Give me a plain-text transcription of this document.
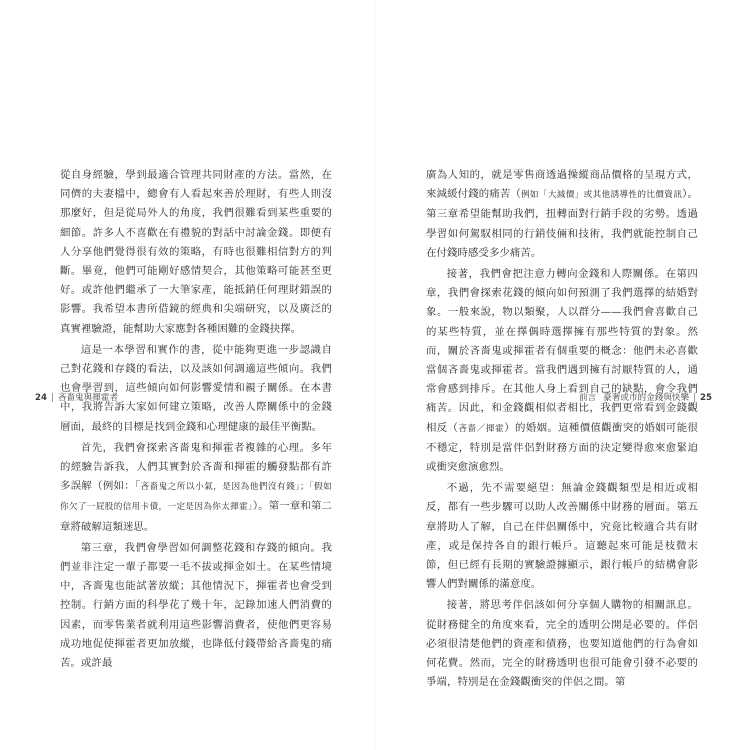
從自身經驗，學到最適合管理共同財產的方法。當然，在同儕的夫妻檔中，總會有人看起來善於理財，有些人則沒那麼好，但是從局外人的角度，我們很難看到某些重要的細節。許多人不喜歡在有禮貌的對話中討論金錢。即便有人分享他們覺得很有效的策略，有時也很難相信對方的判斷。畢竟，他們可能剛好感情契合，其他策略可能甚至更好。或許他們繼承了一大筆家產，能抵銷任何理財錯誤的影響。我希望本書所借鏡的經典和尖端研究，以及廣泛的真實裡驗證，能幫助大家應對各種困難的金錢抉擇。

這是一本學習和實作的書，從中能夠更進一步認識自己對花錢和存錢的看法，以及該如何調適這些傾向。我們也會學習到，這些傾向如何影響愛情和親子關係。在本書中，我將告訴大家如何建立策略，改善人際關係中的金錢層面，最終的目標是找到金錢和心理健康的最佳平衡點。

首先，我們會探索吝嗇鬼和揮霍者複雜的心理。多年的經驗告訴我，人們其實對於吝嗇和揮霍的觸發點都有許多誤解（例如：「吝嗇鬼之所以小氣，是因為他們沒有錢」；「假如你欠了一屁股的信用卡債，一定是因為你太揮霍」）。第一章和第二章將破解這類迷思。

第三章，我們會學習如何調整花錢和存錢的傾向。我們並非注定一輩子都要一毛不拔或揮金如土。在某些情境中，吝嗇鬼也能試著放縱；其他情況下，揮霍者也會受到控制。行銷方面的科學花了幾十年，記錄加速人們消費的因素，而零售業者就利用這些影響消費者，使他們更容易成功地促使揮霍者更加放縱，也降低付錢帶給吝嗇鬼的痛苦。或許最

24 | 吝嗇鬼與揮霍者

廣為人知的，就是零售商透過操縱商品價格的呈現方式，來減緩付錢的痛苦（例如「大減價」或其他誘導性的比價資訊）。第三章希望能幫助我們，扭轉面對行銷手段的劣勢。透過學習如何駕馭相同的行銷伎倆和技術，我們就能控制自己在付錢時感受多少痛苦。

接著，我們會把注意力轉向金錢和人際關係。在第四章，我們會探索花錢的傾向如何預測了我們選擇的結婚對象。一般來說，物以類聚，人以群分——我們會喜歡自己的某些特質，並在擇偶時選擇擁有那些特質的對象。然而，關於吝嗇鬼或揮霍者有個重要的概念：他們未必喜歡當個吝嗇鬼或揮霍者。當我們遇到擁有討厭特質的人，通常會感到排斥。在其他人身上看到自己的缺點，會令我們痛苦。因此，和金錢觀相似者相比，我們更常看到金錢觀相反（吝嗇／揮霍）的婚姻。這種價值觀衝突的婚姻可能很不穩定，特別是當伴侶對財務方面的決定變得愈來愈緊迫或衝突愈演愈烈。

不過，先不需要絕望：無論金錢觀類型是相近或相反，都有一些步驟可以助人改善關係中財務的層面。第五章將助人了解，自己在伴侶關係中，究竟比較適合共有財產，或是保持各自的銀行帳戶。這聽起來可能是枝微末節，但已經有長期的實驗證據顯示，銀行帳戶的結構會影響人們對關係的滿意度。

接著，將思考伴侶該如何分享個人購物的相關訊息。從財務健全的角度來看，完全的透明公開是必要的。伴侶必須很清楚他們的資產和債務，也要知道他們的行為會如何花費。然而，完全的財務透明也很可能會引發不必要的爭端，特別是在金錢觀衝突的伴侶之間。第

前言 豪奢或市的金錢與快樂 | 25
